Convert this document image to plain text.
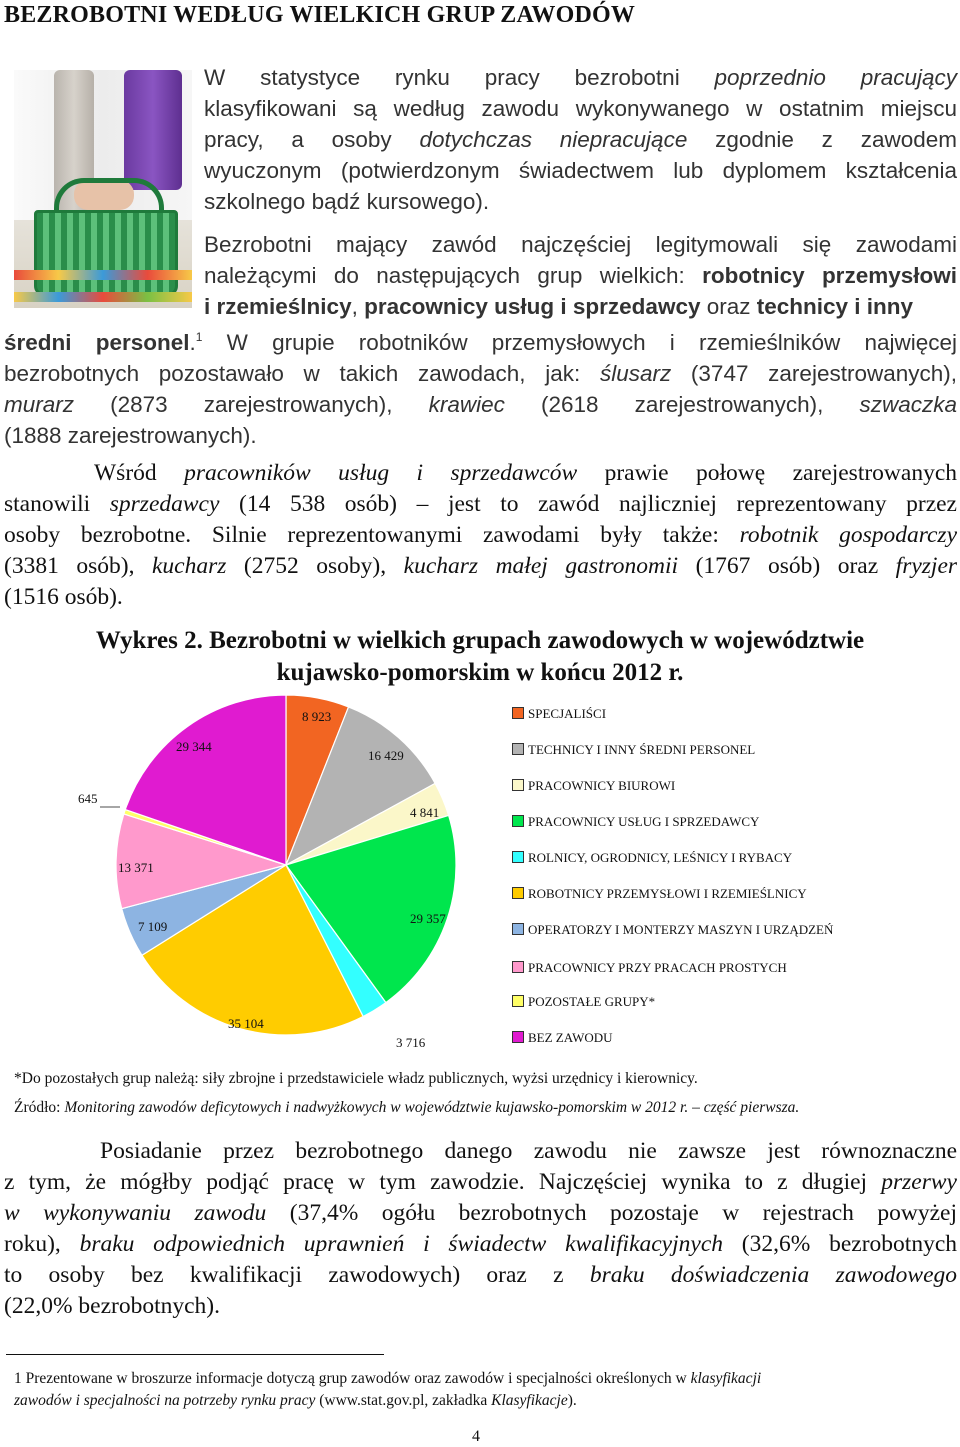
BEZROBOTNI WEDŁUG WIELKICH GRUP ZAWODÓW
W statystyce rynku pracy bezrobotni poprzednio pracujący
klasyfikowani są według zawodu wykonywanego w ostatnim miejscu
pracy, a osoby dotychczas niepracujące zgodnie z zawodem
wyuczonym (potwierdzonym świadectwem lub dyplomem kształcenia
szkolnego bądź kursowego).
Bezrobotni mający zawód najczęściej legitymowali się zawodami
należącymi do następujących grup wielkich: robotnicy przemysłowi
i rzemieślnicy, pracownicy usług i sprzedawcy oraz technicy i inny
średni personel.$^1$ W grupie robotników przemysłowych i rzemieślników najwięcej
bezrobotnych pozostawało w takich zawodach, jak: ślusarz (3747 zarejestrowanych),
murarz (2873 zarejestrowanych), krawiec (2618 zarejestrowanych), szwaczka
(1888 zarejestrowanych).
Wśród pracowników usług i sprzedawców prawie połowę zarejestrowanych
stanowili sprzedawcy (14 538 osób) – jest to zawód najliczniej reprezentowany przez
osoby bezrobotne. Silnie reprezentowanymi zawodami były także: robotnik gospodarczy
(3381 osób), kucharz (2752 osoby), kucharz małej gastronomii (1767 osób) oraz fryzjer
(1516 osób).
Wykres 2. Bezrobotni w wielkich grupach zawodowych w województwie
kujawsko-pomorskim w końcu 2012 r.
8 923
16 429
4 841
29 357
3 716
35 104
7 109
13 371
645
29 344
SPECJALIŚCI
TECHNICY I INNY ŚREDNI PERSONEL
PRACOWNICY BIUROWI
PRACOWNICY USŁUG I SPRZEDAWCY
ROLNICY, OGRODNICY, LEŚNICY I RYBACY
ROBOTNICY PRZEMYSŁOWI I RZEMIEŚLNICY
OPERATORZY I MONTERZY MASZYN I URZĄDZEŃ
PRACOWNICY PRZY PRACACH PROSTYCH
POZOSTAŁE GRUPY*
BEZ ZAWODU
*Do pozostałych grup należą: siły zbrojne i przedstawiciele władz publicznych, wyżsi urzędnicy i kierownicy.
Źródło: Monitoring zawodów deficytowych i nadwyżkowych w województwie kujawsko-pomorskim w 2012 r. – część pierwsza.
Posiadanie przez bezrobotnego danego zawodu nie zawsze jest równoznaczne
z tym, że mógłby podjąć pracę w tym zawodzie. Najczęściej wynika to z długiej przerwy
w wykonywaniu zawodu (37,4% ogółu bezrobotnych pozostaje w rejestrach powyżej
roku), braku odpowiednich uprawnień i świadectw kwalifikacyjnych (32,6% bezrobotnych
to osoby bez kwalifikacji zawodowych) oraz z braku doświadczenia zawodowego
(22,0% bezrobotnych).
1 Prezentowane w broszurze informacje dotyczą grup zawodów oraz zawodów i specjalności określonych w klasyfikacji
zawodów i specjalności na potrzeby rynku pracy (www.stat.gov.pl, zakładka Klasyfikacje).
4
